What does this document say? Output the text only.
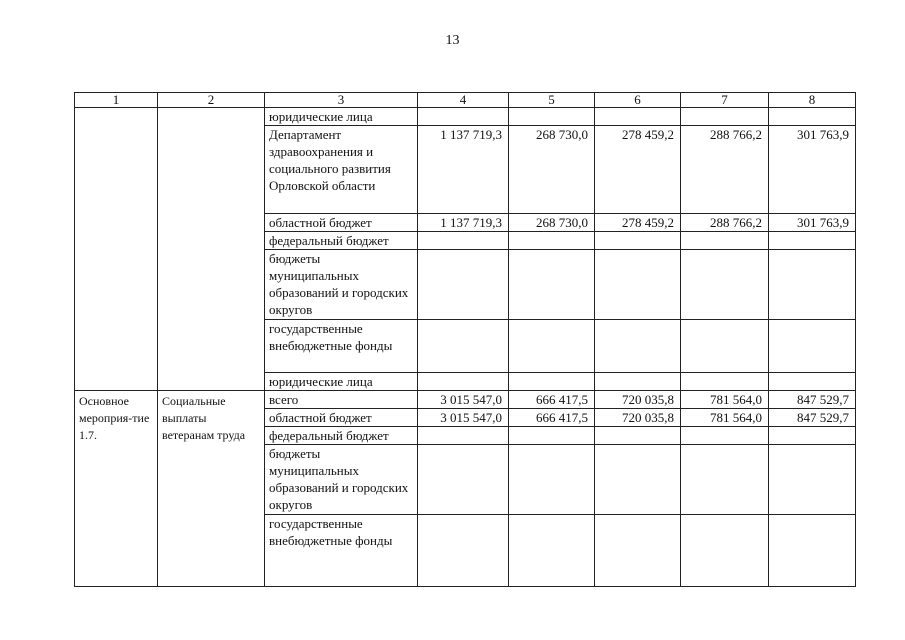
13
1	2	3	4	5	6	7	8
		юридические лица					
		Департамент здравоохранения и социального развития Орловской области	1 137 719,3	268 730,0	278 459,2	288 766,2	301 763,9
		областной бюджет	1 137 719,3	268 730,0	278 459,2	288 766,2	301 763,9
		федеральный бюджет					
		бюджеты муниципальных образований и городских округов					
		государственные внебюджетные фонды					
		юридические лица					
Основное мероприя-тие 1.7.	Социальные выплаты ветеранам труда	всего	3 015 547,0	666 417,5	720 035,8	781 564,0	847 529,7
		областной бюджет	3 015 547,0	666 417,5	720 035,8	781 564,0	847 529,7
		федеральный бюджет					
		бюджеты муниципальных образований и городских округов					
		государственные внебюджетные фонды					
